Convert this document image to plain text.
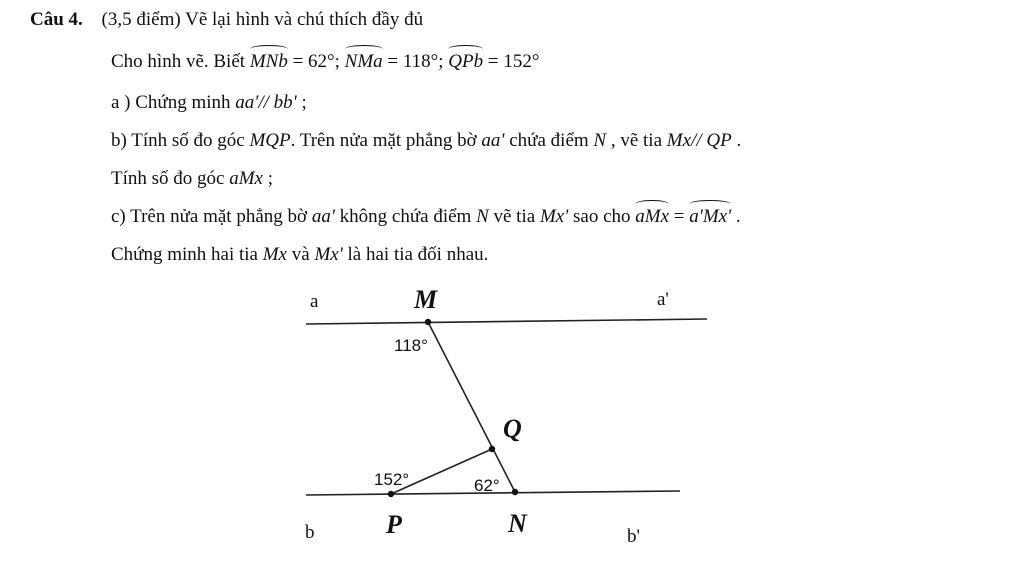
Câu 4. (3,5 điểm) Vẽ lại hình và chú thích đầy đủ
Cho hình vẽ. Biết MNb = 62°; NMa = 118°; QPb = 152°
a ) Chứng minh aa'// bb' ;
b) Tính số đo góc MQP. Trên nửa mặt phẳng bờ aa' chứa điểm N , vẽ tia Mx// QP .
Tính số đo góc aMx ;
c) Trên nửa mặt phẳng bờ aa' không chứa điểm N vẽ tia Mx' sao cho aMx = a'Mx' .
Chứng minh hai tia Mx và Mx' là hai tia đối nhau.
a	a'
b	b'
M
Q
P	N
118°
152°	62°
